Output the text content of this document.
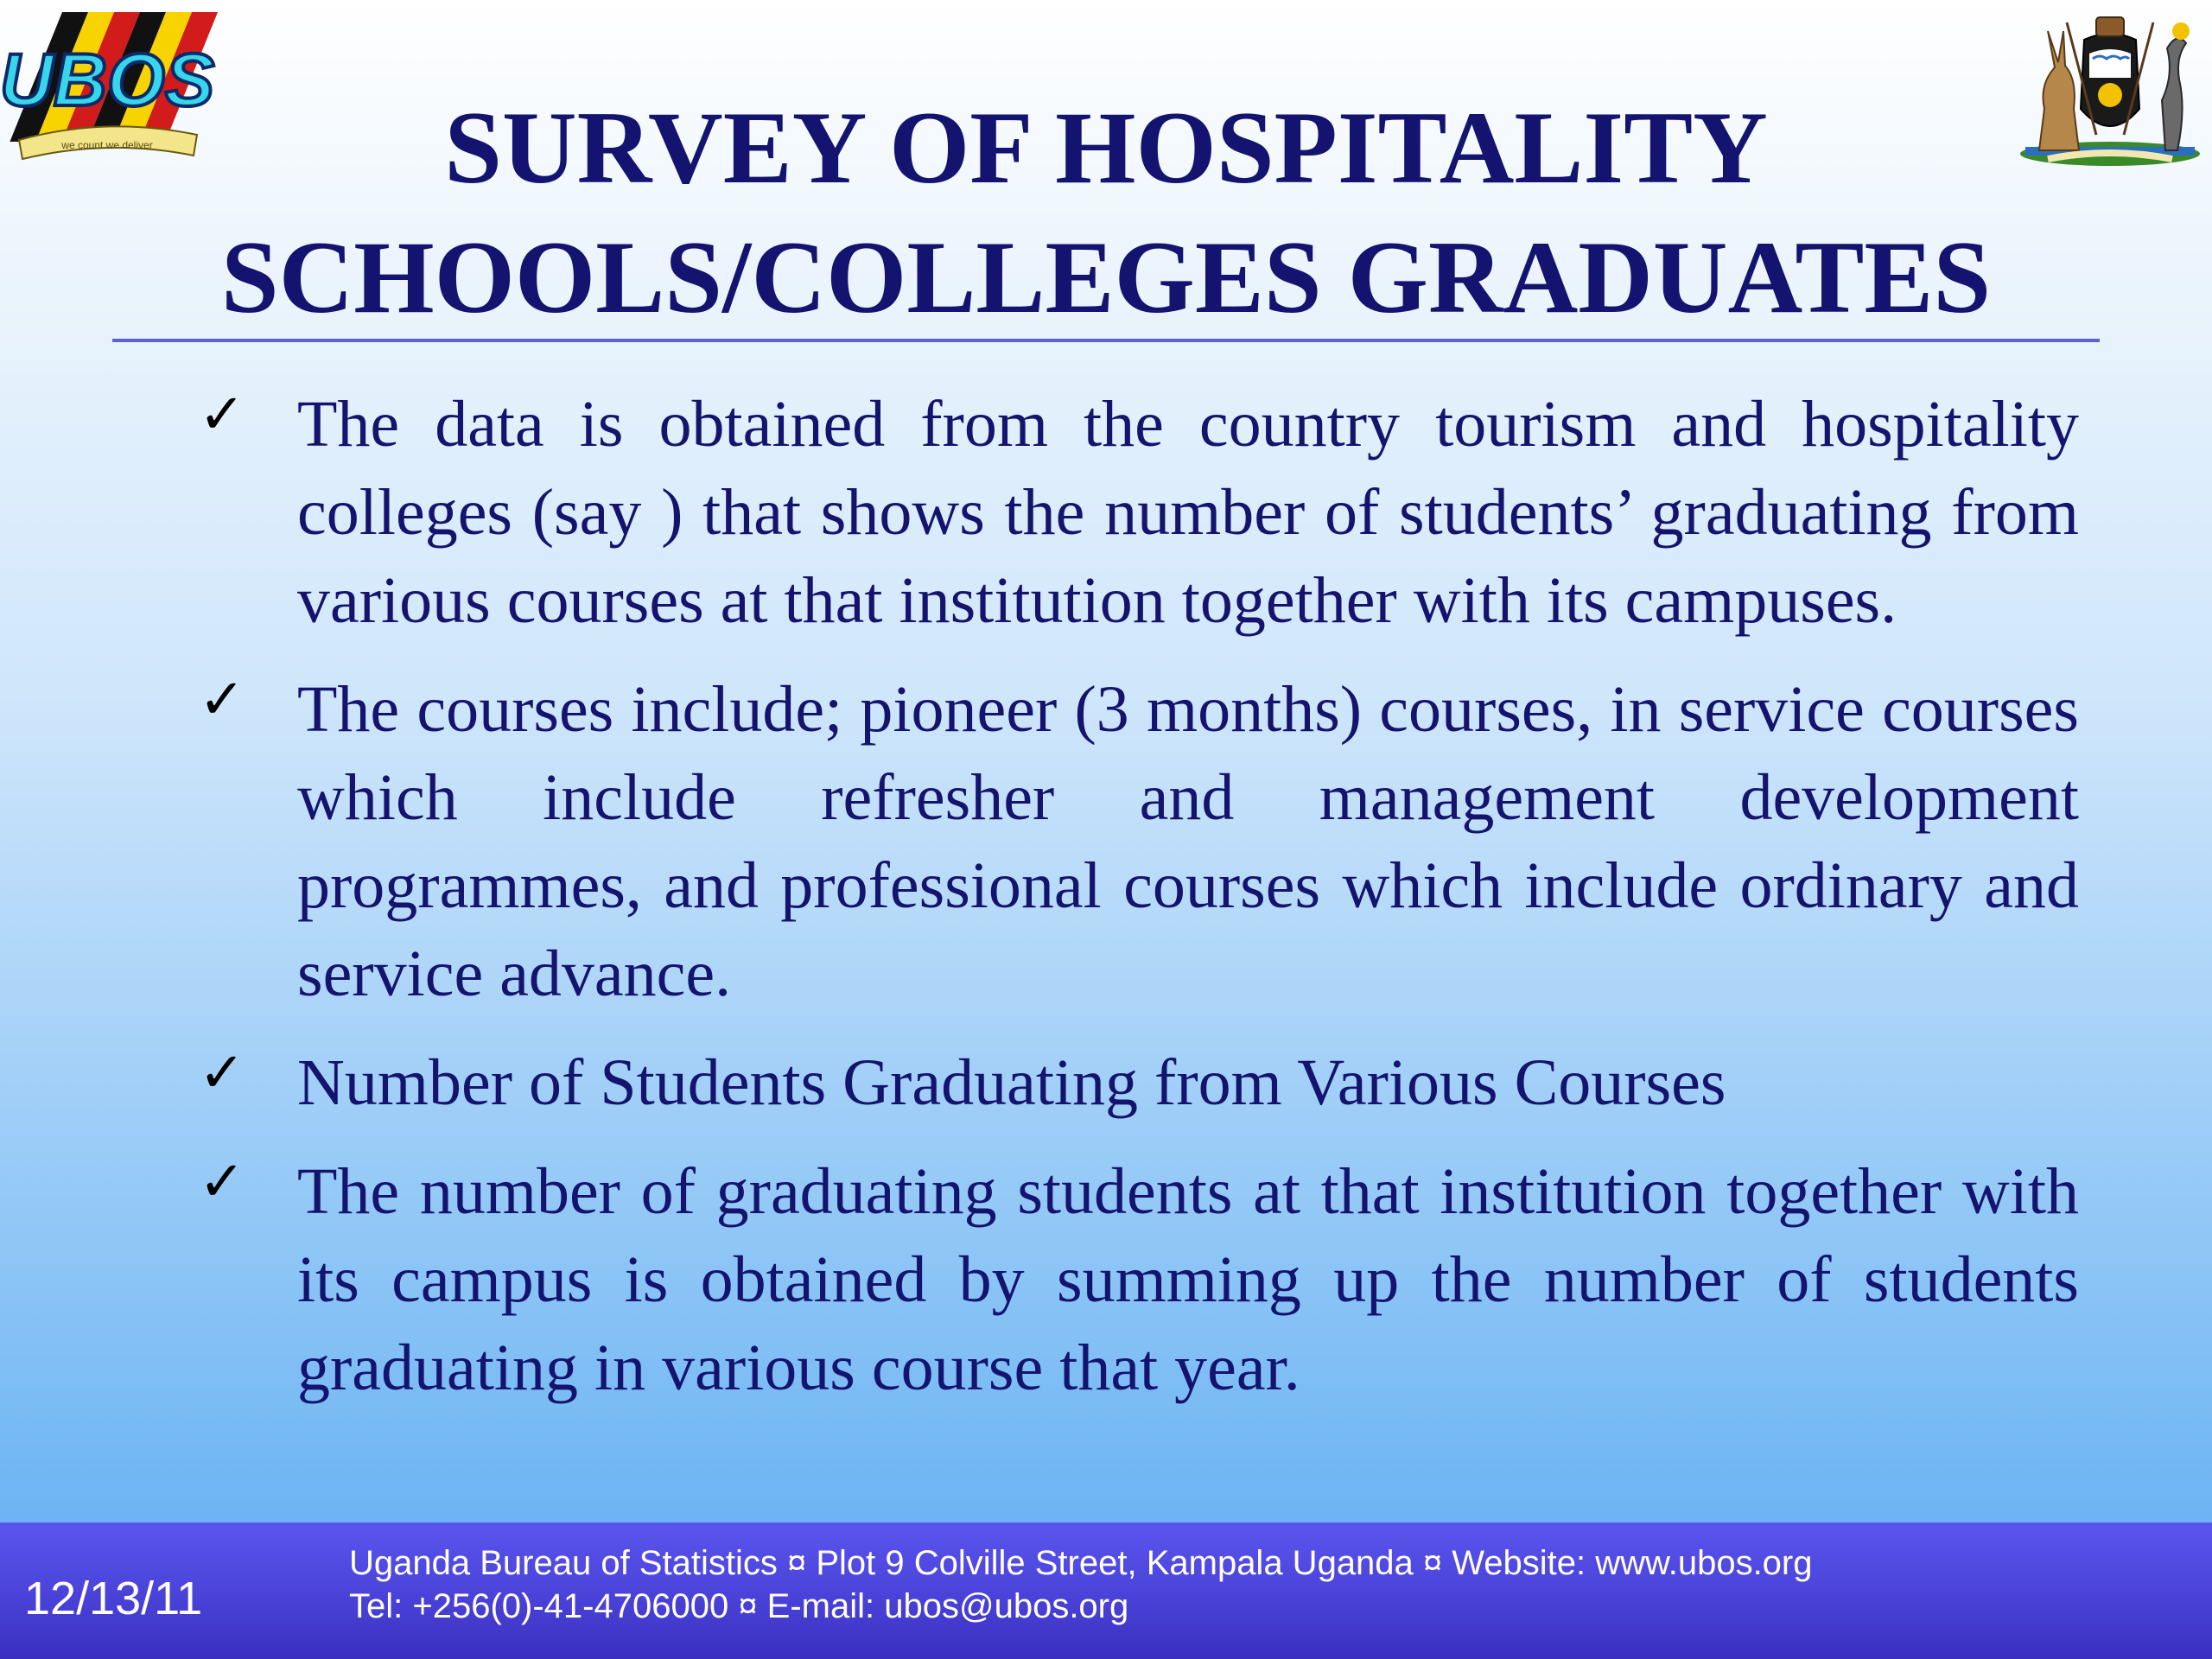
UBOS
we count we deliver	SURVEY OF HOSPITALITY
SCHOOLS/COLLEGES GRADUATES
✓ The data is obtained from the country tourism and hospitality colleges (say ) that shows the number of students’ graduating from various courses at that institution together with its campuses.
✓ The courses include; pioneer (3 months) courses, in service courses which include refresher and management development programmes, and professional courses which include ordinary and service advance.
✓ Number of Students Graduating from Various Courses
✓ The number of graduating students at that institution together with its campus is obtained by summing up the number of students graduating in various course that year.
12/13/11
Uganda Bureau of Statistics ¤ Plot 9 Colville Street, Kampala Uganda ¤ Website: www.ubos.org
Tel: +256(0)-41-4706000 ¤ E-mail: ubos@ubos.org
